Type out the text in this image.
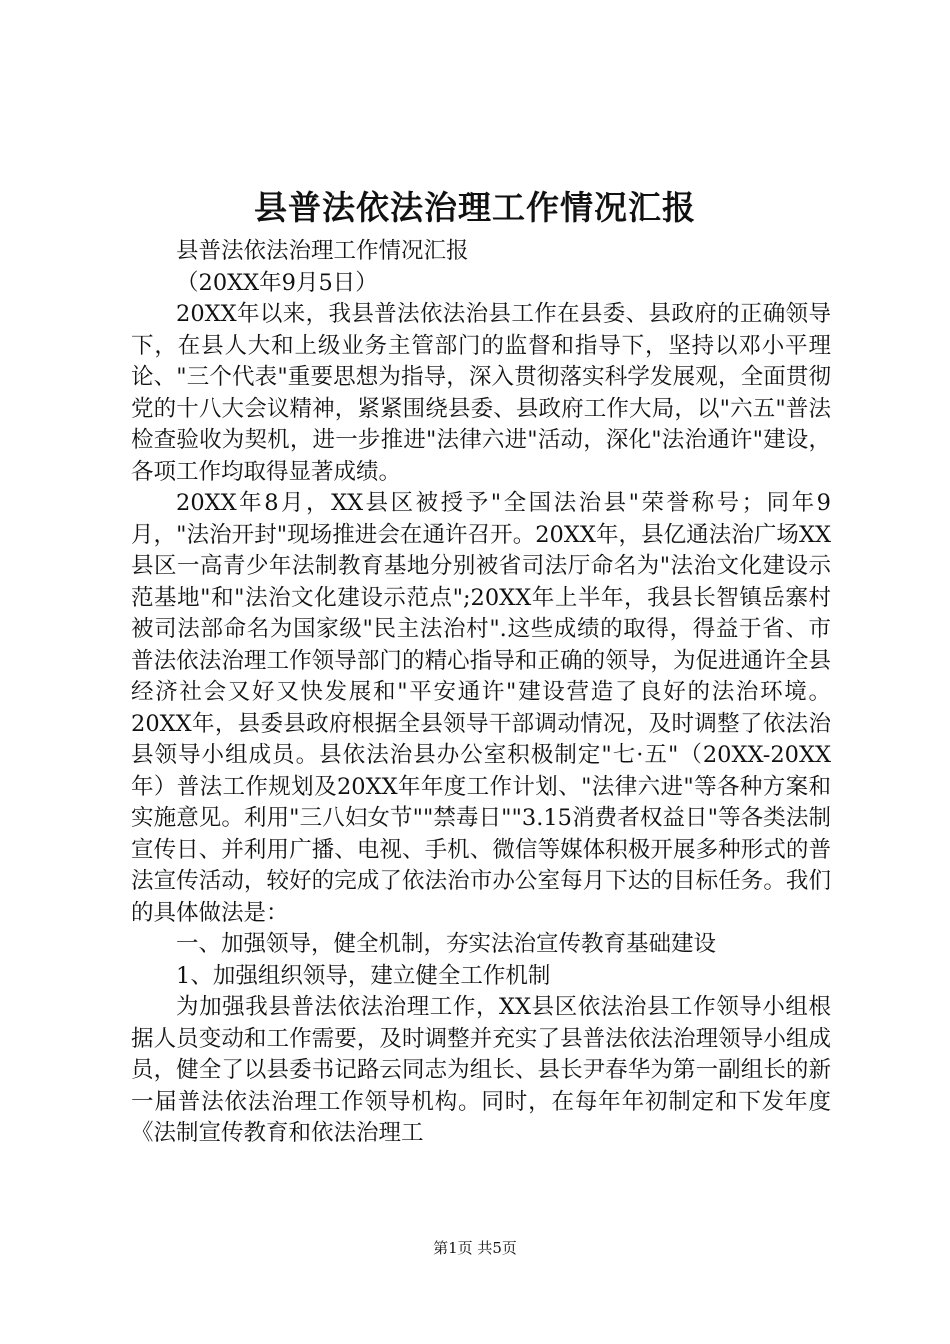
县普法依法治理工作情况汇报

县普法依法治理工作情况汇报

（20XX年9月5日）

20XX年以来，我县普法依法治县工作在县委、县政府的正确领导下，在县人大和上级业务主管部门的监督和指导下，坚持以邓小平理论、"三个代表"重要思想为指导，深入贯彻落实科学发展观，全面贯彻党的十八大会议精神，紧紧围绕县委、县政府工作大局，以"六五"普法检查验收为契机，进一步推进"法律六进"活动，深化"法治通许"建设，各项工作均取得显著成绩。

20XX年8月，XX县区被授予"全国法治县"荣誉称号；同年9月，"法治开封"现场推进会在通许召开。20XX年，县亿通法治广场XX县区一高青少年法制教育基地分别被省司法厅命名为"法治文化建设示范基地"和"法治文化建设示范点";20XX年上半年，我县长智镇岳寨村被司法部命名为国家级"民主法治村".这些成绩的取得，得益于省、市普法依法治理工作领导部门的精心指导和正确的领导，为促进通许全县经济社会又好又快发展和"平安通许"建设营造了良好的法治环境。20XX年，县委县政府根据全县领导干部调动情况，及时调整了依法治县领导小组成员。县依法治县办公室积极制定"七·五"（20XX-20XX年）普法工作规划及20XX年年度工作计划、"法律六进"等各种方案和实施意见。利用"三八妇女节""禁毒日""3.15消费者权益日"等各类法制宣传日、并利用广播、电视、手机、微信等媒体积极开展多种形式的普法宣传活动，较好的完成了依法治市办公室每月下达的目标任务。我们的具体做法是：

一、加强领导，健全机制，夯实法治宣传教育基础建设

1、加强组织领导，建立健全工作机制

为加强我县普法依法治理工作，XX县区依法治县工作领导小组根据人员变动和工作需要，及时调整并充实了县普法依法治理领导小组成员，健全了以县委书记路云同志为组长、县长尹春华为第一副组长的新一届普法依法治理工作领导机构。同时，在每年年初制定和下发年度《法制宣传教育和依法治理工

第1页 共5页
